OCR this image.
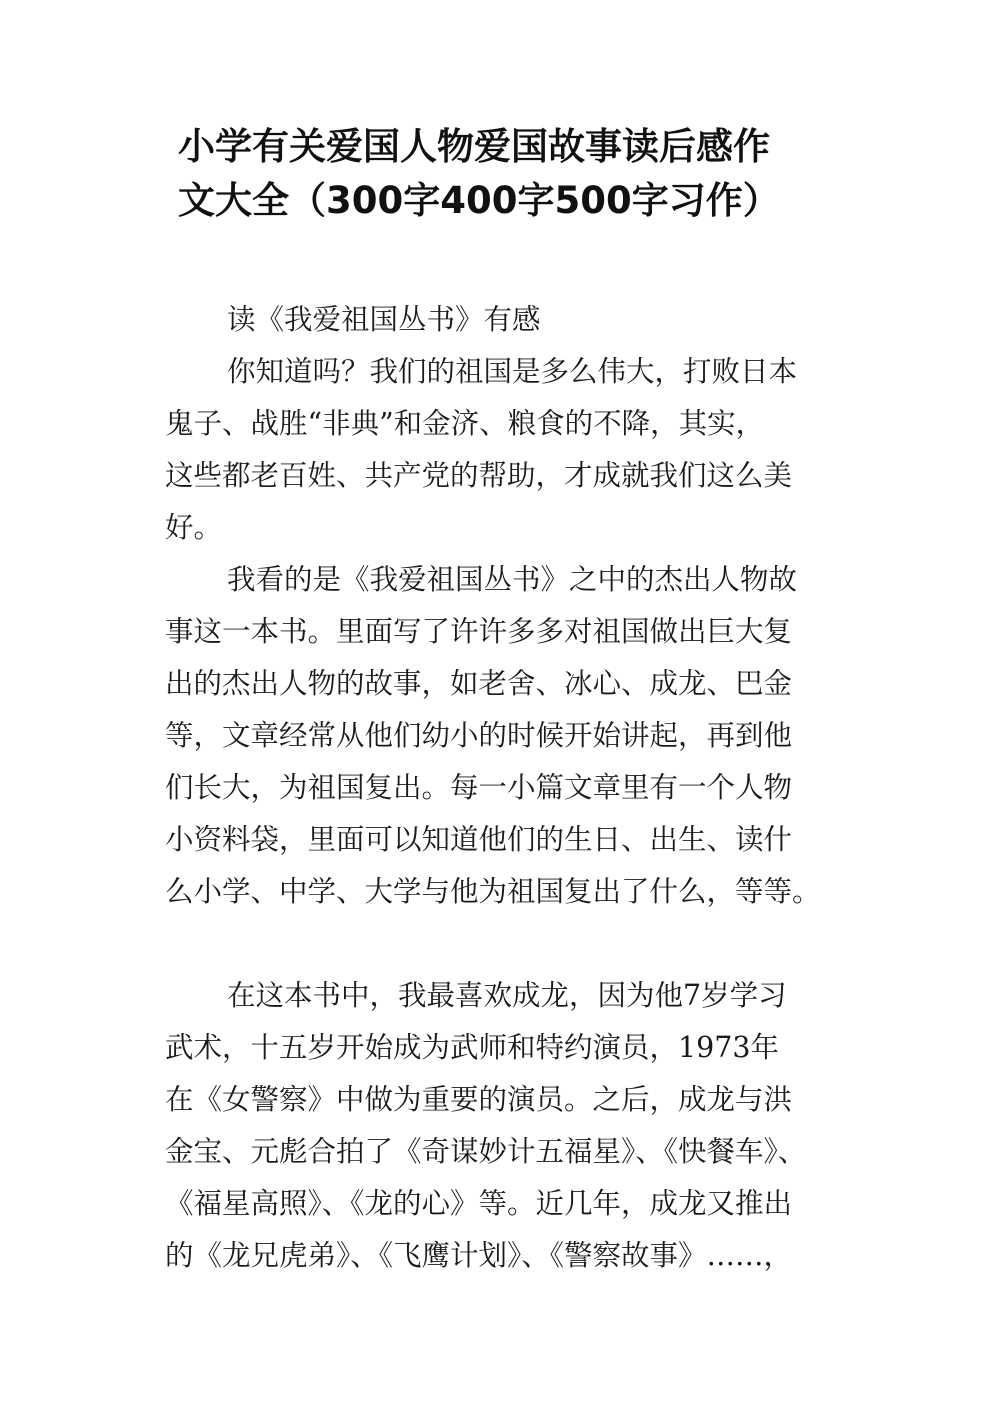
小学有关爱国人物爱国故事读后感作
文大全（300字400字500字习作）
读《我爱祖国丛书》有感
你知道吗？我们的祖国是多么伟大，打败日本
鬼子、战胜“非典”和金济、粮食的不降，其实，
这些都老百姓、共产党的帮助，才成就我们这么美
好。
我看的是《我爱祖国丛书》之中的杰出人物故
事这一本书。里面写了许许多多对祖国做出巨大复
出的杰出人物的故事，如老舍、冰心、成龙、巴金
等，文章经常从他们幼小的时候开始讲起，再到他
们长大，为祖国复出。每一小篇文章里有一个人物
小资料袋，里面可以知道他们的生日、出生、读什
么小学、中学、大学与他为祖国复出了什么，等等。
在这本书中，我最喜欢成龙，因为他7岁学习
武术，十五岁开始成为武师和特约演员，1973年
在《女警察》中做为重要的演员。之后，成龙与洪
金宝、元彪合拍了《奇谋妙计五福星》、《快餐车》、
《福星高照》、《龙的心》等。近几年，成龙又推出
的《龙兄虎弟》、《飞鹰计划》、《警察故事》……，
